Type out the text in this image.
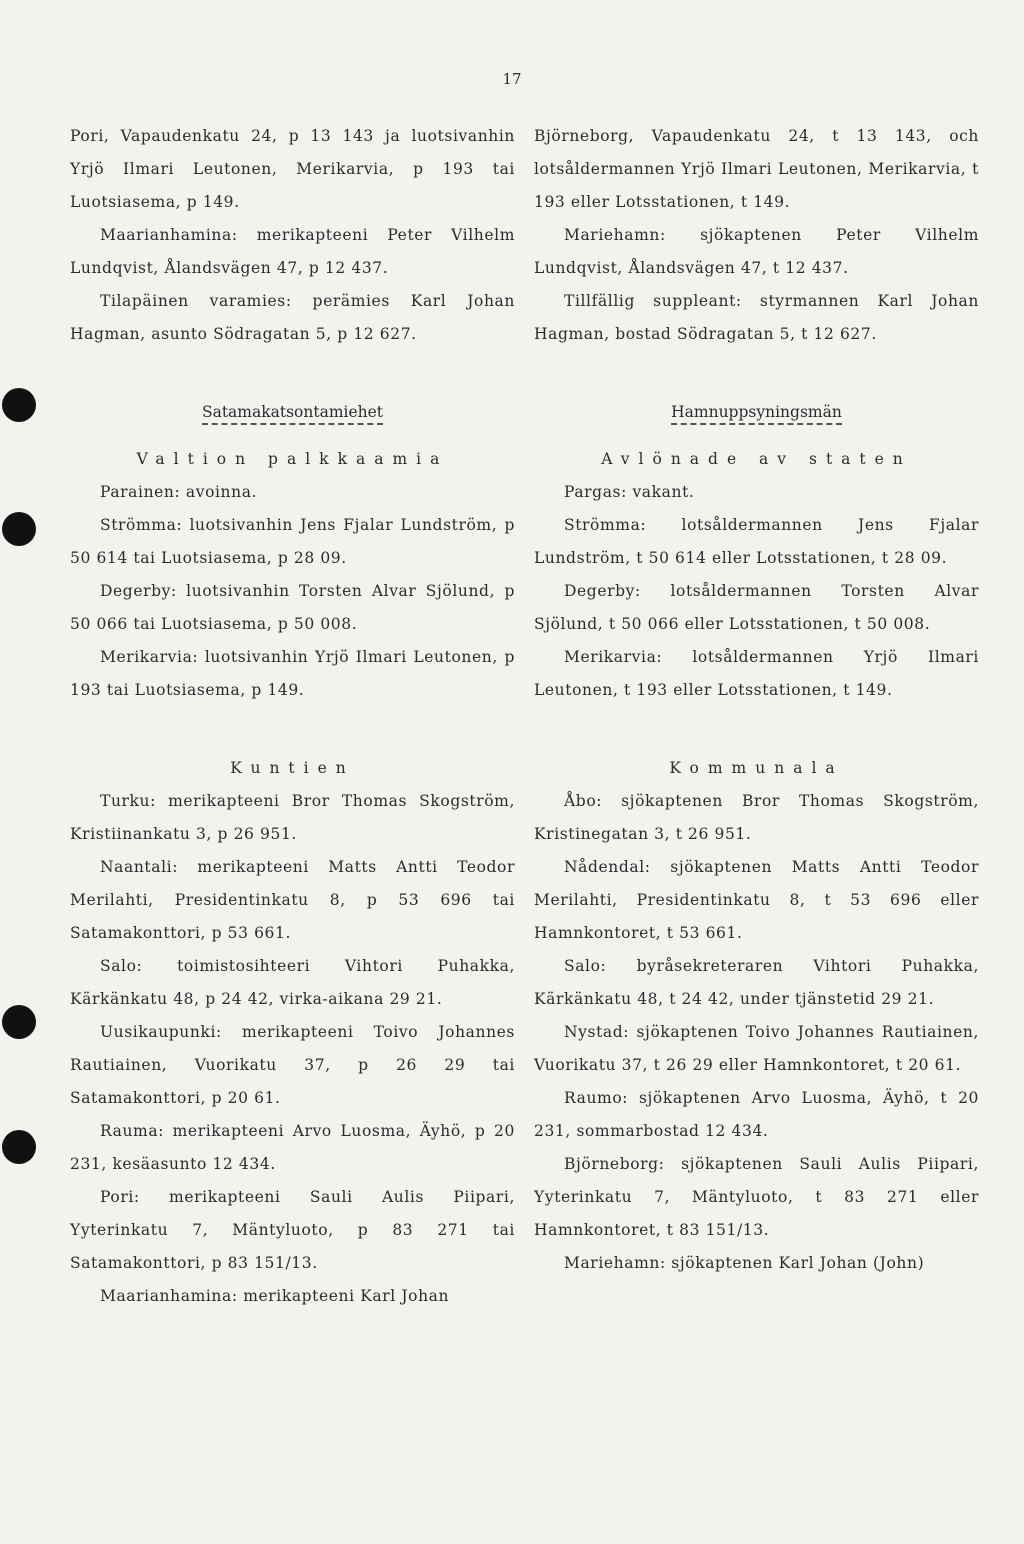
17

Pori, Vapaudenkatu 24, p 13 143 ja luotsivanhin Yrjö Ilmari Leutonen, Merikarvia, p 193 tai Luotsiasema, p 149.

Maarianhamina: merikapteeni Peter Vilhelm Lundqvist, Ålandsvägen 47, p 12 437.

Tilapäinen varamies: perämies Karl Johan Hagman, asunto Södragatan 5, p 12 627.

Satamakatsontamiehet

Valtion palkkaamia

Parainen: avoinna.

Strömma: luotsivanhin Jens Fjalar Lundström, p 50 614 tai Luotsiasema, p 28 09.

Degerby: luotsivanhin Torsten Alvar Sjölund, p 50 066 tai Luotsiasema, p 50 008.

Merikarvia: luotsivanhin Yrjö Ilmari Leutonen, p 193 tai Luotsiasema, p 149.

Kuntien

Turku: merikapteeni Bror Thomas Skogström, Kristiinankatu 3, p 26 951.

Naantali: merikapteeni Matts Antti Teodor Merilahti, Presidentinkatu 8, p 53 696 tai Satamakonttori, p 53 661.

Salo: toimistosihteeri Vihtori Puhakka, Kärkänkatu 48, p 24 42, virka-aikana 29 21.

Uusikaupunki: merikapteeni Toivo Johannes Rautiainen, Vuorikatu 37, p 26 29 tai Satamakonttori, p 20 61.

Rauma: merikapteeni Arvo Luosma, Äyhö, p 20 231, kesäasunto 12 434.

Pori: merikapteeni Sauli Aulis Piipari, Yyterinkatu 7, Mäntyluoto, p 83 271 tai Satamakonttori, p 83 151/13.

Maarianhamina: merikapteeni Karl Johan

Björneborg, Vapaudenkatu 24, t 13 143, och lotsåldermannen Yrjö Ilmari Leutonen, Merikarvia, t 193 eller Lotsstationen, t 149.

Mariehamn: sjökaptenen Peter Vilhelm Lundqvist, Ålandsvägen 47, t 12 437.

Tillfällig suppleant: styrmannen Karl Johan Hagman, bostad Södragatan 5, t 12 627.

Hamnuppsyningsmän

Avlönade av staten

Pargas: vakant.

Strömma: lotsåldermannen Jens Fjalar Lundström, t 50 614 eller Lotsstationen, t 28 09.

Degerby: lotsåldermannen Torsten Alvar Sjölund, t 50 066 eller Lotsstationen, t 50 008.

Merikarvia: lotsåldermannen Yrjö Ilmari Leutonen, t 193 eller Lotsstationen, t 149.

Kommunala

Åbo: sjökaptenen Bror Thomas Skogström, Kristinegatan 3, t 26 951.

Nådendal: sjökaptenen Matts Antti Teodor Merilahti, Presidentinkatu 8, t 53 696 eller Hamnkontoret, t 53 661.

Salo: byråsekreteraren Vihtori Puhakka, Kärkänkatu 48, t 24 42, under tjänstetid 29 21.

Nystad: sjökaptenen Toivo Johannes Rautiainen, Vuorikatu 37, t 26 29 eller Hamnkontoret, t 20 61.

Raumo: sjökaptenen Arvo Luosma, Äyhö, t 20 231, sommarbostad 12 434.

Björneborg: sjökaptenen Sauli Aulis Piipari, Yyterinkatu 7, Mäntyluoto, t 83 271 eller Hamnkontoret, t 83 151/13.

Mariehamn: sjökaptenen Karl Johan (John)
